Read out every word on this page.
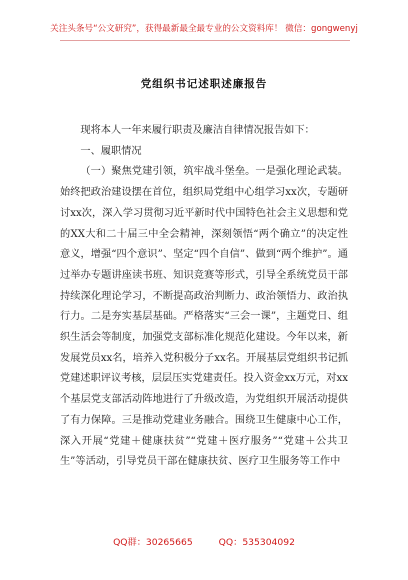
关注头条号“公文研究”，获得最新最全最专业的公文资料库！ 微信：gongwenyj
党组织书记述职述廉报告

现将本人一年来履行职责及廉洁自律情况报告如下：

一、履职情况

（一）聚焦党建引领，筑牢战斗堡垒。一是强化理论武装。始终把政治建设摆在首位，组织局党组中心组学习xx次，专题研讨xx次，深入学习贯彻习近平新时代中国特色社会主义思想和党的XX大和二十届三中全会精神，深刻领悟“两个确立”的决定性意义，增强“四个意识”、坚定“四个自信”、做到“两个维护”。通过举办专题讲座读书班、知识竞赛等形式，引导全系统党员干部持续深化理论学习，不断提高政治判断力、政治领悟力、政治执行力。二是夯实基层基础。严格落实“三会一课”，主题党日、组织生活会等制度，加强党支部标准化规范化建设。今年以来，新发展党员xx名，培养入党积极分子xx名。开展基层党组织书记抓党建述职评议考核，层层压实党建责任。投入资金xx万元，对xx个基层党支部活动阵地进行了升级改造，为党组织开展活动提供了有力保障。三是推动党建业务融合。围绕卫生健康中心工作，深入开展“党建＋健康扶贫”“党建＋医疗服务”“党建＋公共卫生”等活动，引导党员干部在健康扶贫、医疗卫生服务等工作中

QQ群：30265665	QQ：535304092
